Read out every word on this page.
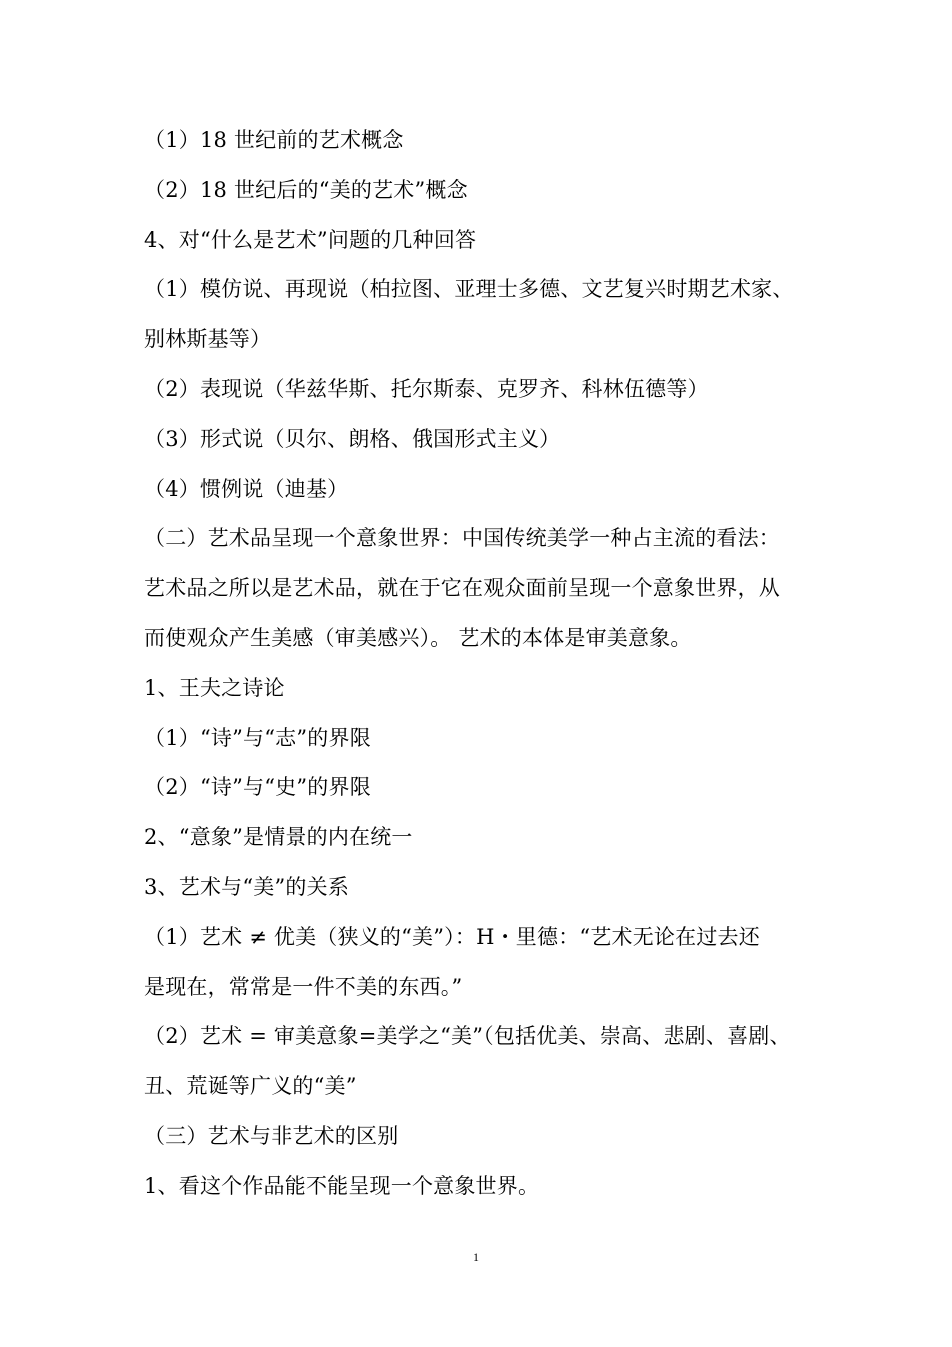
（1）18 世纪前的艺术概念
（2）18 世纪后的“美的艺术”概念
4、对“什么是艺术”问题的几种回答
（1）模仿说、再现说（柏拉图、亚理士多德、文艺复兴时期艺术家、
别林斯基等）
（2）表现说（华兹华斯、托尔斯泰、克罗齐、科林伍德等）
（3）形式说（贝尔、朗格、俄国形式主义）
（4）惯例说（迪基）
（二）艺术品呈现一个意象世界：中国传统美学一种占主流的看法：
艺术品之所以是艺术品，就在于它在观众面前呈现一个意象世界，从
而使观众产生美感（审美感兴）。 艺术的本体是审美意象。
1、王夫之诗论
（1）“诗”与“志”的界限
（2）“诗”与“史”的界限
2、“意象”是情景的内在统一
3、艺术与“美”的关系
（1）艺术 ≠ 优美（狭义的“美”）：H・里德：“艺术无论在过去还
是现在，常常是一件不美的东西。”
（2）艺术 = 审美意象=美学之“美”（包括优美、崇高、悲剧、喜剧、
丑、荒诞等广义的“美”
（三）艺术与非艺术的区别
1、看这个作品能不能呈现一个意象世界。
1
